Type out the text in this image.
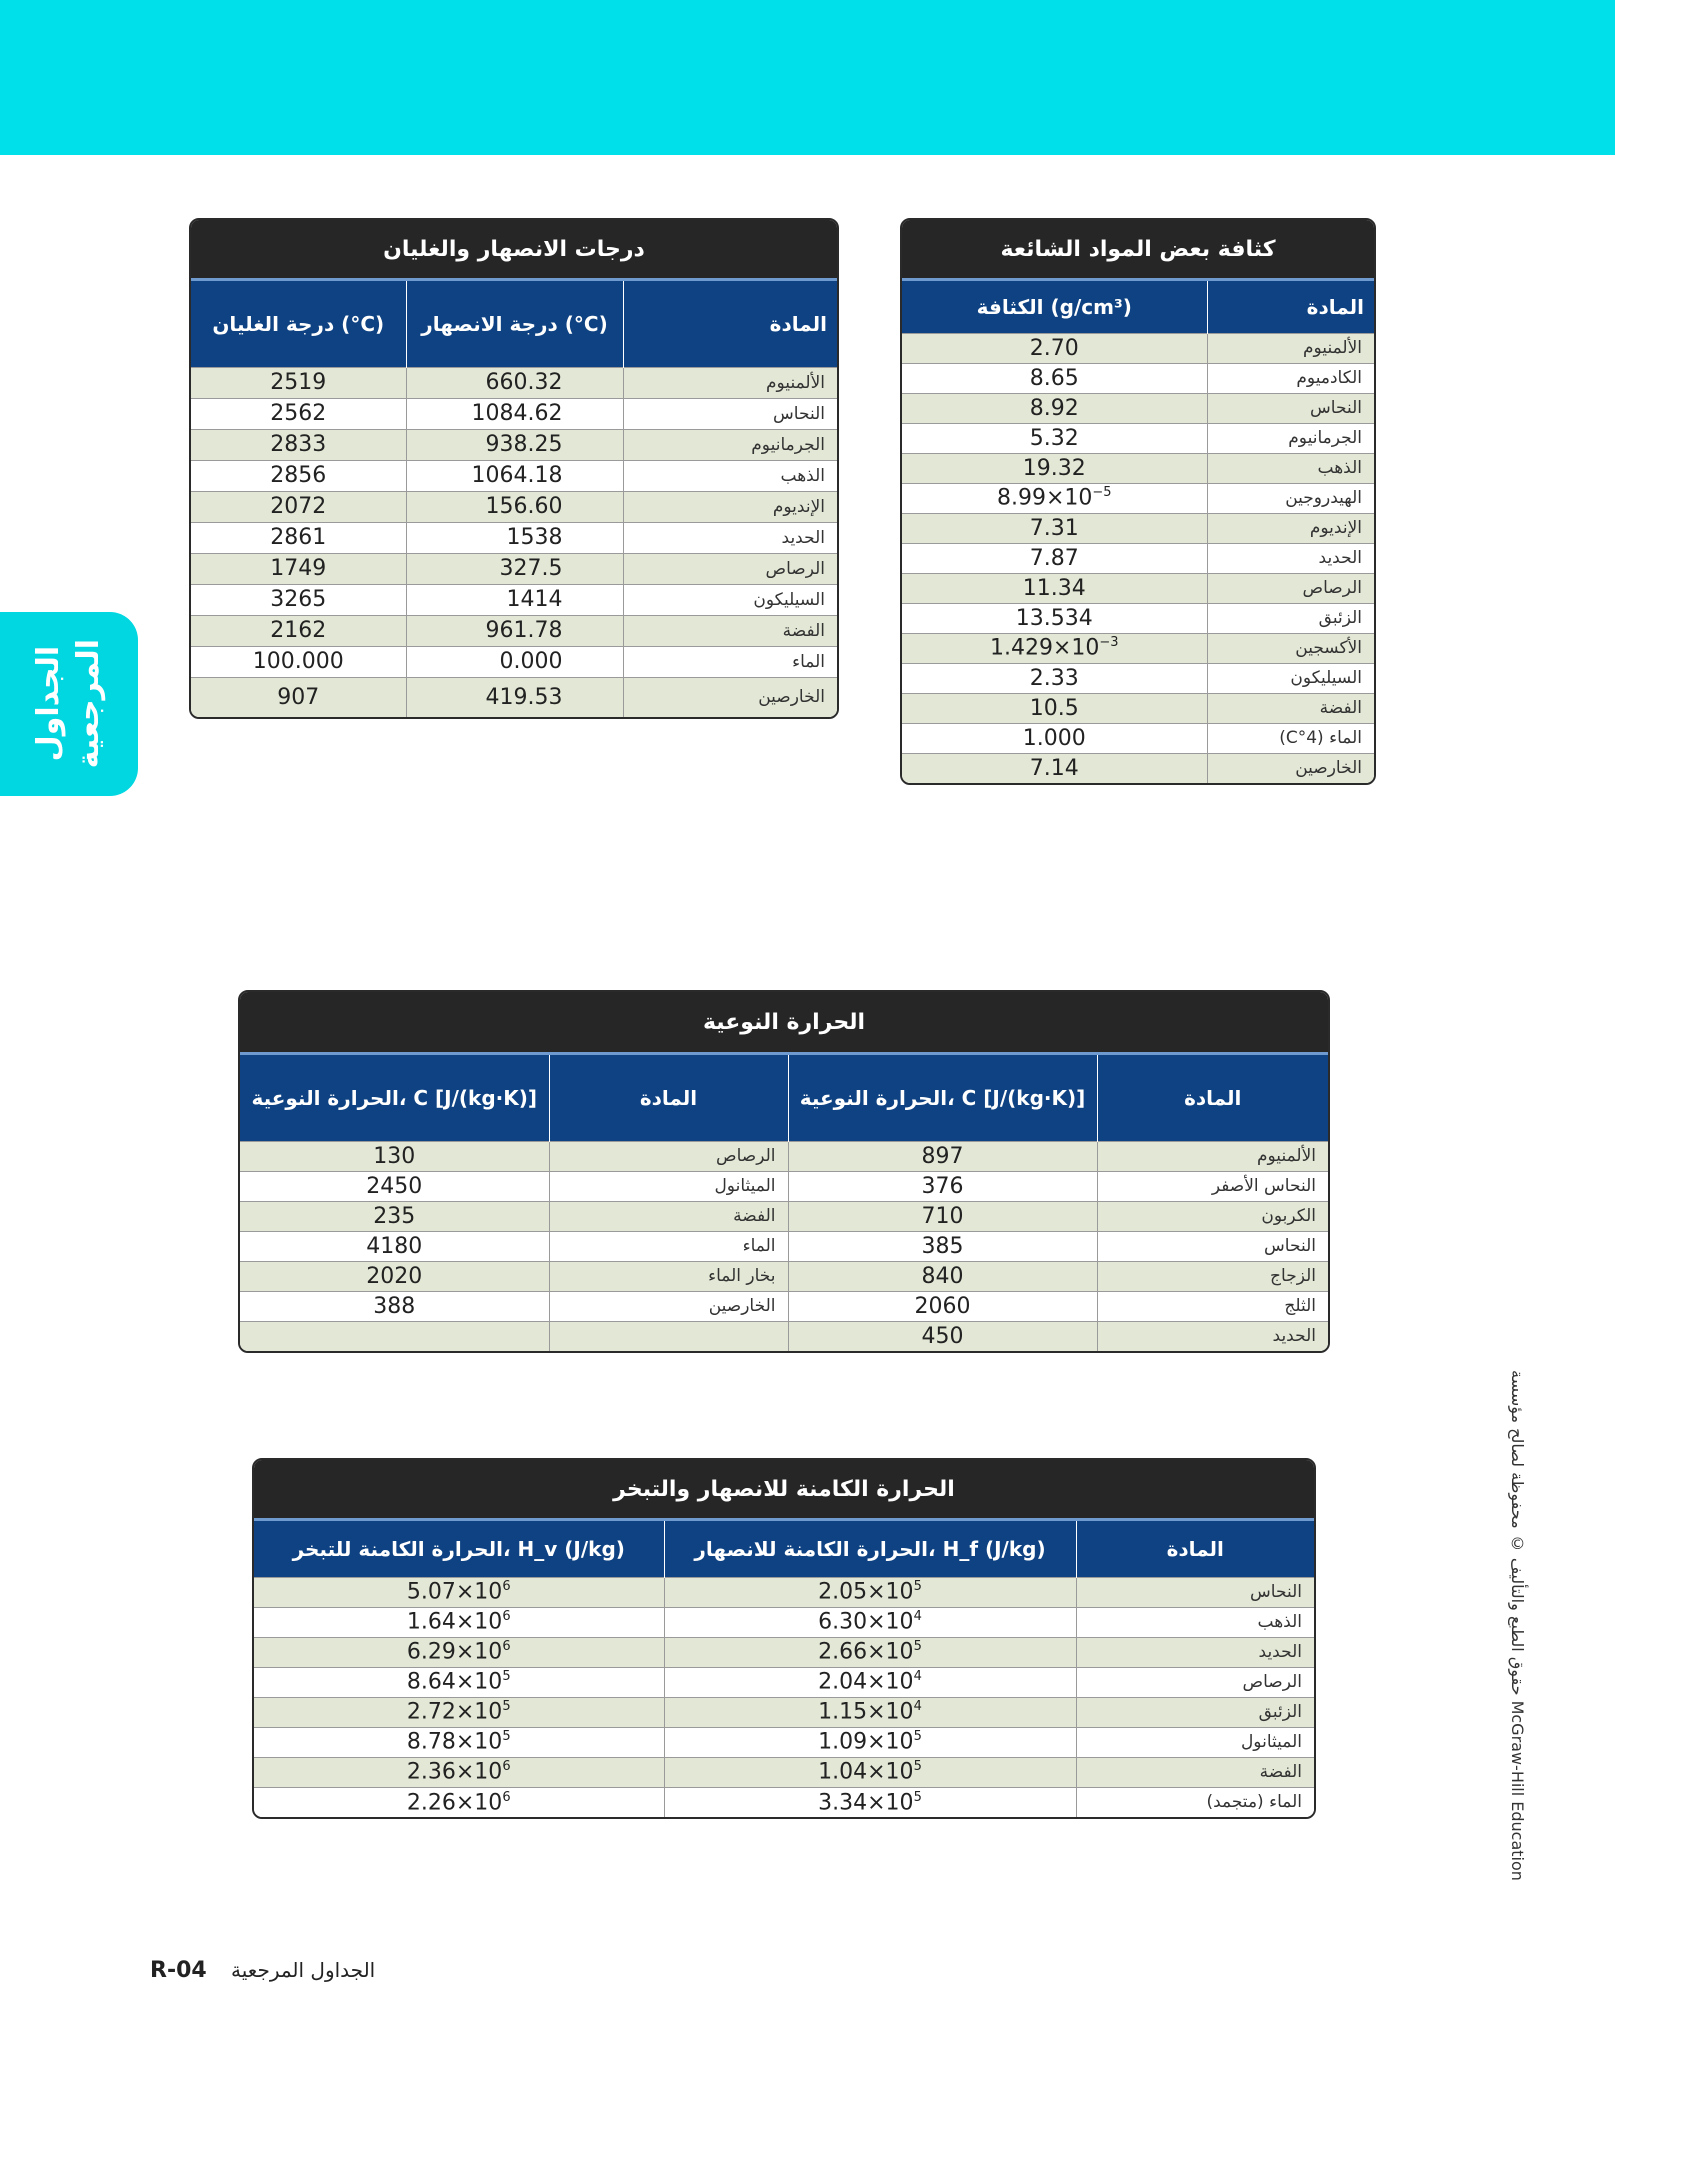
الجداول
المرجعية
كثافة بعض المواد الشائعة
الكثافة (g/cm³)	المادة
2.70	الألمنيوم
8.65	الكادميوم
8.92	النحاس
5.32	الجرمانيوم
19.32	الذهب
$8.99\times 10^{-5}$	الهيدروجين
7.31	الإنديوم
7.87	الحديد
11.34	الرصاص
13.534	الزئبق
$1.429\times 10^{-3}$	الأكسجين
2.33	السيليكون
10.5	الفضة
1.000	الماء (4°C)
7.14	الخارصين
درجات الانصهار والغليان
درجة الغليان (°C)	درجة الانصهار (°C)	المادة
2519	660.32	الألمنيوم
2562	1084.62	النحاس
2833	938.25	الجرمانيوم
2856	1064.18	الذهب
2072	156.60	الإنديوم
2861	1538	الحديد
1749	327.5	الرصاص
3265	1414	السيليكون
2162	961.78	الفضة
100.000	0.000	الماء
907	419.53	الخارصين
الحرارة النوعية
الحرارة النوعية، C [J/(kg·K)]	المادة	الحرارة النوعية، C [J/(kg·K)]	المادة
130	الرصاص	897	الألمنيوم
2450	الميثانول	376	النحاس الأصفر
235	الفضة	710	الكربون
4180	الماء	385	النحاس
2020	بخار الماء	840	الزجاج
388	الخارصين	2060	الثلج
		450	الحديد
الحرارة الكامنة للانصهار والتبخر
الحرارة الكامنة للتبخر، H_v (J/kg)	الحرارة الكامنة للانصهار، H_f (J/kg)	المادة
$5.07\times 10^6$	$2.05\times 10^5$	النحاس
$1.64\times 10^6$	$6.30\times 10^4$	الذهب
$6.29\times 10^6$	$2.66\times 10^5$	الحديد
$8.64\times 10^5$	$2.04\times 10^4$	الرصاص
$2.72\times 10^5$	$1.15\times 10^4$	الزئبق
$8.78\times 10^5$	$1.09\times 10^5$	الميثانول
$2.36\times 10^6$	$1.04\times 10^5$	الفضة
$2.26\times 10^6$	$3.34\times 10^5$	الماء (متجمد)
R-04 الجداول المرجعية
حقوق الطبع والتأليف © محفوظة لصالح مؤسسة McGraw-Hill Education
